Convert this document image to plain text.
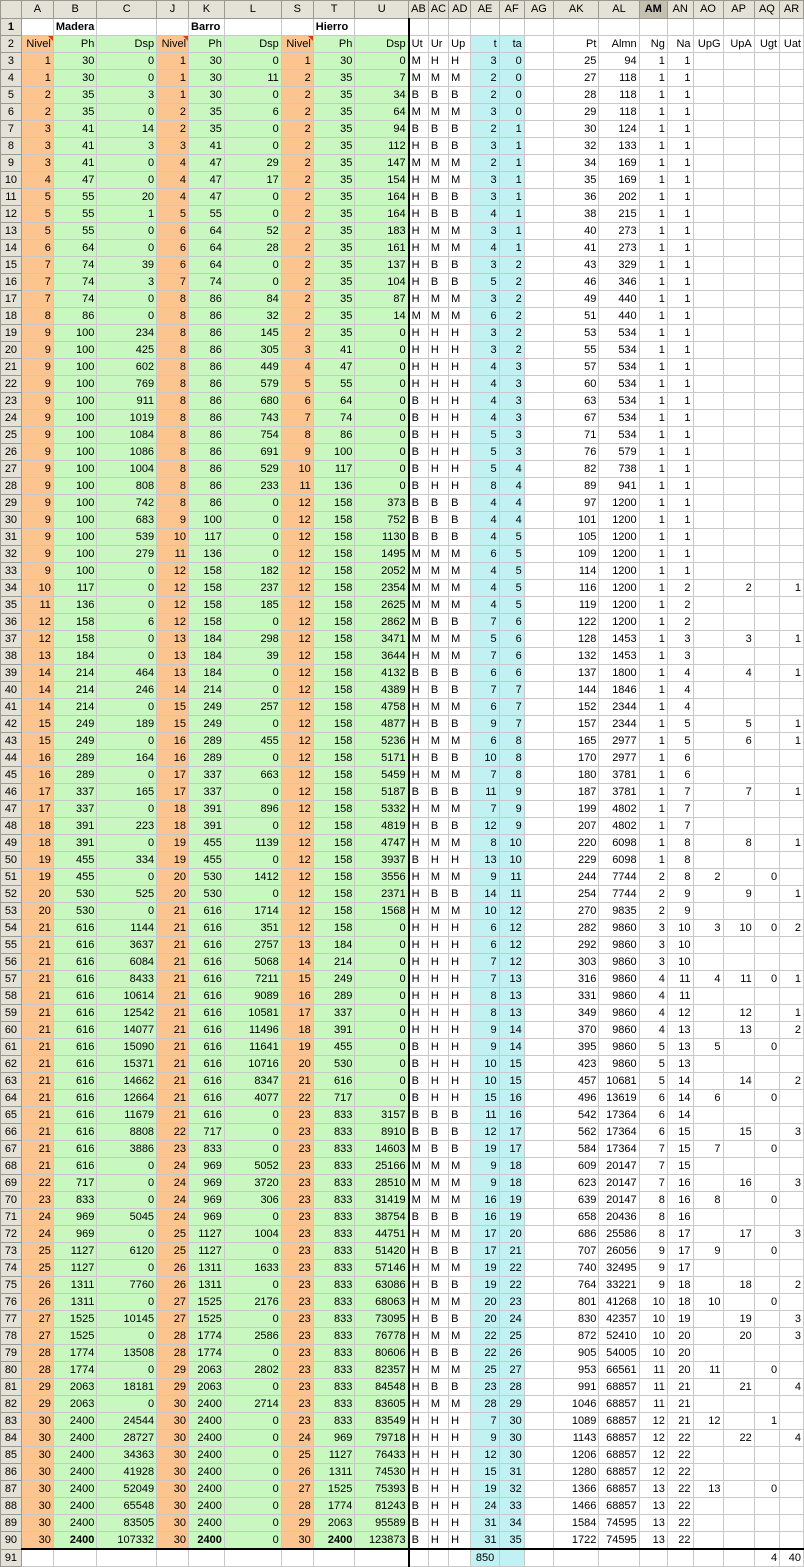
	A	B	C	J	K	L	S	T	U	AB	AC	AD	AE	AF	AG	AK	AL	AM	AN	AO	AP	AQ	AR
1		Madera			Barro			Hierro															
2	Nivel	Ph	Dsp	Nivel	Ph	Dsp	Nivel	Ph	Dsp	Ut	Ur	Up	t	ta		Pt	Almn	Ng	Na	UpG	UpA	Ugt	Uat
3	1	30	0	1	30	0	1	30	0	M	H	H	3	0		25	94	1	1				
4	1	30	0	1	30	11	2	35	7	M	M	M	2	0		27	118	1	1				
5	2	35	3	1	30	0	2	35	34	B	B	B	2	0		28	118	1	1				
6	2	35	0	2	35	6	2	35	64	M	M	M	3	0		29	118	1	1				
7	3	41	14	2	35	0	2	35	94	B	B	B	2	1		30	124	1	1				
8	3	41	3	3	41	0	2	35	112	H	B	B	3	1		32	133	1	1				
9	3	41	0	4	47	29	2	35	147	M	M	M	2	1		34	169	1	1				
10	4	47	0	4	47	17	2	35	154	H	M	M	3	1		35	169	1	1				
11	5	55	20	4	47	0	2	35	164	H	B	B	3	1		36	202	1	1				
12	5	55	1	5	55	0	2	35	164	H	B	B	4	1		38	215	1	1				
13	5	55	0	6	64	52	2	35	183	H	M	M	3	1		40	273	1	1				
14	6	64	0	6	64	28	2	35	161	H	M	M	4	1		41	273	1	1				
15	7	74	39	6	64	0	2	35	137	H	B	B	3	2		43	329	1	1				
16	7	74	3	7	74	0	2	35	104	H	B	B	5	2		46	346	1	1				
17	7	74	0	8	86	84	2	35	87	H	M	M	3	2		49	440	1	1				
18	8	86	0	8	86	32	2	35	14	M	M	M	6	2		51	440	1	1				
19	9	100	234	8	86	145	2	35	0	H	H	H	3	2		53	534	1	1				
20	9	100	425	8	86	305	3	41	0	H	H	H	3	2		55	534	1	1				
21	9	100	602	8	86	449	4	47	0	H	H	H	4	3		57	534	1	1				
22	9	100	769	8	86	579	5	55	0	H	H	H	4	3		60	534	1	1				
23	9	100	911	8	86	680	6	64	0	B	H	H	4	3		63	534	1	1				
24	9	100	1019	8	86	743	7	74	0	B	H	H	4	3		67	534	1	1				
25	9	100	1084	8	86	754	8	86	0	B	H	H	5	3		71	534	1	1				
26	9	100	1086	8	86	691	9	100	0	B	H	H	5	3		76	579	1	1				
27	9	100	1004	8	86	529	10	117	0	B	H	H	5	4		82	738	1	1				
28	9	100	808	8	86	233	11	136	0	B	H	H	8	4		89	941	1	1				
29	9	100	742	8	86	0	12	158	373	B	B	B	4	4		97	1200	1	1				
30	9	100	683	9	100	0	12	158	752	B	B	B	4	4		101	1200	1	1				
31	9	100	539	10	117	0	12	158	1130	B	B	B	4	5		105	1200	1	1				
32	9	100	279	11	136	0	12	158	1495	M	M	M	6	5		109	1200	1	1				
33	9	100	0	12	158	182	12	158	2052	M	M	M	4	5		114	1200	1	1				
34	10	117	0	12	158	237	12	158	2354	M	M	M	4	5		116	1200	1	2		2		1
35	11	136	0	12	158	185	12	158	2625	M	M	M	4	5		119	1200	1	2				
36	12	158	6	12	158	0	12	158	2862	M	B	B	7	6		122	1200	1	2				
37	12	158	0	13	184	298	12	158	3471	M	M	M	5	6		128	1453	1	3		3		1
38	13	184	0	13	184	39	12	158	3644	H	M	M	7	6		132	1453	1	3				
39	14	214	464	13	184	0	12	158	4132	B	B	B	6	6		137	1800	1	4		4		1
40	14	214	246	14	214	0	12	158	4389	H	B	B	7	7		144	1846	1	4				
41	14	214	0	15	249	257	12	158	4758	H	M	M	6	7		152	2344	1	4				
42	15	249	189	15	249	0	12	158	4877	H	B	B	9	7		157	2344	1	5		5		1
43	15	249	0	16	289	455	12	158	5236	H	M	M	6	8		165	2977	1	5		6		1
44	16	289	164	16	289	0	12	158	5171	H	B	B	10	8		170	2977	1	6				
45	16	289	0	17	337	663	12	158	5459	H	M	M	7	8		180	3781	1	6				
46	17	337	165	17	337	0	12	158	5187	B	B	B	11	9		187	3781	1	7		7		1
47	17	337	0	18	391	896	12	158	5332	H	M	M	7	9		199	4802	1	7				
48	18	391	223	18	391	0	12	158	4819	H	B	B	12	9		207	4802	1	7				
49	18	391	0	19	455	1139	12	158	4747	H	M	M	8	10		220	6098	1	8		8		1
50	19	455	334	19	455	0	12	158	3937	B	H	H	13	10		229	6098	1	8				
51	19	455	0	20	530	1412	12	158	3556	H	M	M	9	11		244	7744	2	8	2		0	
52	20	530	525	20	530	0	12	158	2371	H	B	B	14	11		254	7744	2	9		9		1
53	20	530	0	21	616	1714	12	158	1568	H	M	M	10	12		270	9835	2	9				
54	21	616	1144	21	616	351	12	158	0	H	H	H	6	12		282	9860	3	10	3	10	0	2
55	21	616	3637	21	616	2757	13	184	0	H	H	H	6	12		292	9860	3	10				
56	21	616	6084	21	616	5068	14	214	0	H	H	H	7	12		303	9860	3	10				
57	21	616	8433	21	616	7211	15	249	0	H	H	H	7	13		316	9860	4	11	4	11	0	1
58	21	616	10614	21	616	9089	16	289	0	H	H	H	8	13		331	9860	4	11				
59	21	616	12542	21	616	10581	17	337	0	H	H	H	8	13		349	9860	4	12		12		1
60	21	616	14077	21	616	11496	18	391	0	H	H	H	9	14		370	9860	4	13		13		2
61	21	616	15090	21	616	11641	19	455	0	B	H	H	9	14		395	9860	5	13	5		0	
62	21	616	15371	21	616	10716	20	530	0	B	H	H	10	15		423	9860	5	13				
63	21	616	14662	21	616	8347	21	616	0	B	H	H	10	15		457	10681	5	14		14		2
64	21	616	12664	21	616	4077	22	717	0	B	H	H	15	16		496	13619	6	14	6		0	
65	21	616	11679	21	616	0	23	833	3157	B	B	B	11	16		542	17364	6	14				
66	21	616	8808	22	717	0	23	833	8910	B	B	B	12	17		562	17364	6	15		15		3
67	21	616	3886	23	833	0	23	833	14603	M	B	B	19	17		584	17364	7	15	7		0	
68	21	616	0	24	969	5052	23	833	25166	M	M	M	9	18		609	20147	7	15				
69	22	717	0	24	969	3720	23	833	28510	M	M	M	9	18		623	20147	7	16		16		3
70	23	833	0	24	969	306	23	833	31419	M	M	M	16	19		639	20147	8	16	8		0	
71	24	969	5045	24	969	0	23	833	38754	B	B	B	16	19		658	20436	8	16				
72	24	969	0	25	1127	1004	23	833	44751	H	M	M	17	20		686	25586	8	17		17		3
73	25	1127	6120	25	1127	0	23	833	51420	H	B	B	17	21		707	26056	9	17	9		0	
74	25	1127	0	26	1311	1633	23	833	57146	H	M	M	19	22		740	32495	9	17				
75	26	1311	7760	26	1311	0	23	833	63086	H	B	B	19	22		764	33221	9	18		18		2
76	26	1311	0	27	1525	2176	23	833	68063	H	M	M	20	23		801	41268	10	18	10		0	
77	27	1525	10145	27	1525	0	23	833	73095	H	B	B	20	24		830	42357	10	19		19		3
78	27	1525	0	28	1774	2586	23	833	76778	H	M	M	22	25		872	52410	10	20		20		3
79	28	1774	13508	28	1774	0	23	833	80606	H	B	B	22	26		905	54005	10	20				
80	28	1774	0	29	2063	2802	23	833	82357	H	M	M	25	27		953	66561	11	20	11		0	
81	29	2063	18181	29	2063	0	23	833	84548	H	B	B	23	28		991	68857	11	21		21		4
82	29	2063	0	30	2400	2714	23	833	83605	H	M	M	28	29		1046	68857	11	21				
83	30	2400	24544	30	2400	0	23	833	83549	H	H	H	7	30		1089	68857	12	21	12		1	
84	30	2400	28727	30	2400	0	24	969	79718	H	H	H	9	30		1143	68857	12	22		22		4
85	30	2400	34363	30	2400	0	25	1127	76433	H	H	H	12	30		1206	68857	12	22				
86	30	2400	41928	30	2400	0	26	1311	74530	H	H	H	15	31		1280	68857	12	22				
87	30	2400	52049	30	2400	0	27	1525	75393	B	H	H	19	32		1366	68857	13	22	13		0	
88	30	2400	65548	30	2400	0	28	1774	81243	B	H	H	24	33		1466	68857	13	22				
89	30	2400	83505	30	2400	0	29	2063	95589	B	H	H	31	34		1584	74595	13	22				
90	30	2400	107332	30	2400	0	30	2400	123873	B	H	H	31	35		1722	74595	13	22				
91													850									4	40
